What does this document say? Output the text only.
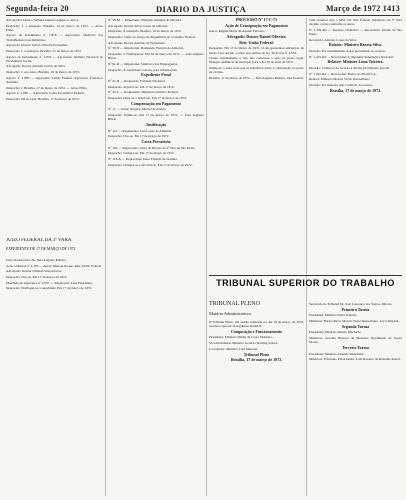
Segunda-feira 20	DIARIO DA JUSTIÇA	Março de 1972 1413

Advogados: Doutor Samuel Antenor Aquino e outros.

Despacho: J. a autuação. Brasília, 14 de março de 1972. — Alves Filho.

Agravo de instrumento nº 1.876 — Agravante: Sindicato dos Trabalhadores nas Indústrias.

Agravado: Doutor Sylvio Oliveira Fernandes.

Despacho: J. a autuação. Brasília, 15 de março de 1972.

Agravo de instrumento nº 1.879 — Agravante: Instituto Nacional de Previdência Social.

Advogado: Doutor Antônio Carlos da Silva.

Despacho: J. aos autos. Brasília, 16 de março de 1972.

Agravo nº 1.880 — Agravante: União Federal. Agravado: Francisco Andrade.

Despacho: J. Brasília, 17 de março de 1972. — Alves Filho.

Agravo nº 1.881 — Agravante: Caixa Econômica Federal.

Despacho: Dê-se vista. Brasília, 17 de março de 1972.

JUIZO FEDERAL DA 3ª VARA
EXPEDIENTE DE 17 DE MARÇO DE 1972

Juiz em exercício: Dr. Nilo Augusto Ribeiro.

Ação ordinária nº 4.103 — Autor: Manoel Roque. Réu: União Federal.

Advogado: Doutor Orlando Vasconcelos.

Despacho: Cite-se. Em 17 de março de 1972.

Mandado de segurança nº 2.055 — Impetrante: Luiz Fernandes.

Despacho: Notifique-se a autoridade. Em 17 de março de 1972.

Nº 58-M — Impetrante: Emigdio Antunes de Oliveira.

Advogado: Doutor Silvio Cézar de Oliveira.

Despacho: À autuação. Brasília, 16 de março de 1972.

Impetrado: Chefe do Grupo de Engenharia do Conselho Federal.

Advogado: Doutor Antônio de Figueiredo.

Nº 58-N — Impetrante: Raimundo Ferreira de Almeida.

Despacho: J. Notifique-se. Em 16 de março de 1972. — João Augusto Bittar.

Nº 61-D — Impetrante: Sindicato dos Empregados.

Despacho: À autoridade coatora, para informações.

Expediente Penal

Nº 41-B — Requerido: Fazenda Nacional.

Despacho: Arquive-se. Em 17 de março de 1972.

Nº 45-C — Requerente: Ministério Público Federal.

Despacho: Ouça-se o indiciado. Em 17 de março de 1972.

Compensação em Pagamento

Nº 17 — Autor: Rogério Maciel de Araújo.

Despacho: Intime-se. Em 17 de março de 1972. — João Augusto Bittar.

Justificação

Nº 119 — Requerente: José Lopes de Almeida.

Despacho: Cite-se. Em 17 de março de 1972.

Carta Precatória

Nº 104 — Deprecante: Juízo de Direito da 2ª Vara de São Paulo.

Despacho: Cumpra-se. Em 17 de março de 1972.

Nº 116-A — Deprecante: Juízo Federal de Goiânia.

Despacho: Cumpra-se e devolva-se. Em 17 de março de 1972.

PROCESSO Nº 17-C-71

Ação de Consignação em Pagamento

Autor: Regina Maria de Aquino Ferreira.

Advogado: Doutor Daniel Oliveira.

Réu: União Federal.

Despacho: Em 17 de março de 1972. O réu apresentou embargos, de modo a ser ouvido o autor, nos termos do art. 30 da Lei nº 1.533.

Citado regularmente o réu, não contestou a ação no prazo legal. Designo audiência de instrução para o dia 10 de abril de 1972.

Intime-se o autor para que se manifeste sobre a contestação no prazo de 10 dias.

Brasília, 17 de março de 1972. — Nilo Augusto Ribeiro, Juiz Federal.

TRIBUNAL PLENO
Matéria Administrativa

O Tribunal Pleno, em sessão realizada no dia 16 de março de 1972, resolveu aprovar as seguintes matérias:

Composição e Funcionamento

Presidente: Ministro Thélio da Costa Monteiro.

Vice-Presidente: Ministro Geraldo Starling Soares.

Corregedor: Ministro Luiz Menossi.

Tribunal Pleno

Brasília, 17 de março de 1972.

TRIBUNAL SUPERIOR DO TRABALHO

Vale ressaltar que o MM. Dr. Juiz Federal Substituto da 3ª Vara decidiu o feito conforme os autos.

Nº 1.302-Rd — Recurso Ordinário — Recorrente: Estado de São Paulo.

Recorrido: Antônio Lopes da Silva.

Relator: Ministro Barata Silva.

Decisão: Por unanimidade, negar provimento ao recurso.

Nº 1.415-Rd — Recorrente: Companhia Siderúrgica Nacional.

Relator: Ministro Lima Teixeira.

Decisão: Conhecer do recurso e dar-lhe provimento parcial.

Nº 1.522-Rd — Recorrente: Banco do Brasil S.A.

Relator: Ministro Mozart Victor Russomano.

Decisão: Por maioria, não conhecer do recurso.

Brasília, 17 de março de 1972.

Secretaria do Tribunal Dr. José Lourenço dos Santos, Diretor.

Primeira Turma

Presidente: Ministro Lima Teixeira.

Ministros: Barata Silva, Mozart Victor Russomano, Ary Campista.

Segunda Turma

Presidente: Ministro Renato Machado.

Ministros: Geraldo Bezerra de Menezes, Raymundo de Souza Moura.

Terceira Turma

Presidente: Ministro Arnaldo Süssekind.

Ministros: Fortunato Peres Júnior, Luiz Roberto de Rezende Puech.
